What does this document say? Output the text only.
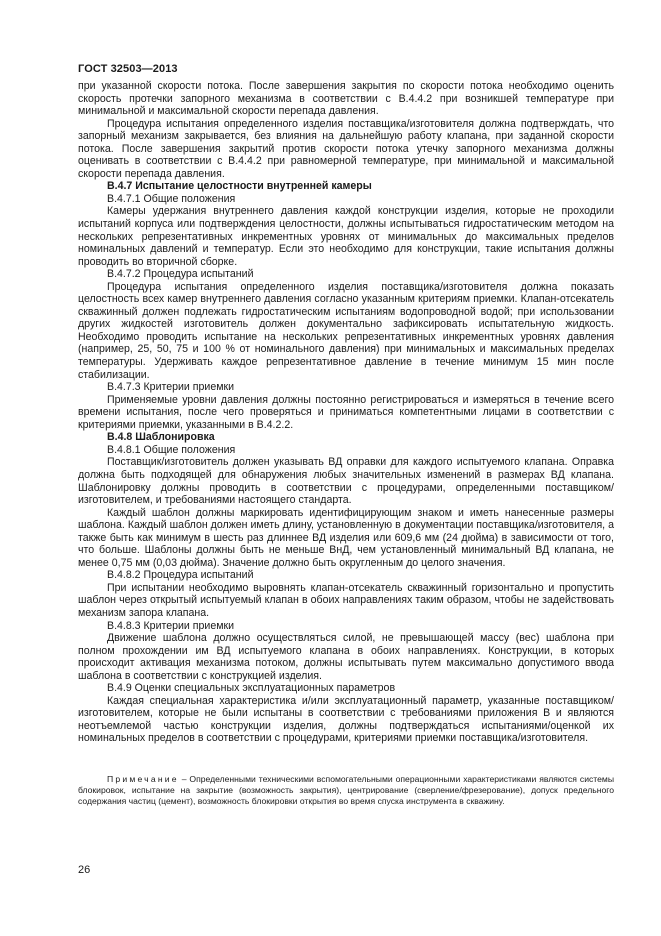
ГОСТ 32503—2013

при указанной скорости потока. После завершения закрытия по скорости потока необходимо оценить скорость протечки запорного механизма в соответствии с В.4.4.2 при возникшей температуре при минимальной и максимальной скорости перепада давления.

Процедура испытания определенного изделия поставщика/изготовителя должна подтверждать, что запорный механизм закрывается, без влияния на дальнейшую работу клапана, при заданной скорости потока. После завершения закрытий против скорости потока утечку запорного механизма должны оценивать в соответствии с В.4.4.2 при равномерной температуре, при минимальной и максимальной скорости перепада давления.

В.4.7 Испытание целостности внутренней камеры

В.4.7.1 Общие положения

Камеры удержания внутреннего давления каждой конструкции изделия, которые не проходили испытаний корпуса или подтверждения целостности, должны испытываться гидростатическим методом на нескольких репрезентативных инкрементных уровнях от минимальных до максимальных пределов номинальных давлений и температур. Если это необходимо для конструкции, такие испытания должны проводить во вторичной сборке.

В.4.7.2 Процедура испытаний

Процедура испытания определенного изделия поставщика/изготовителя должна показать целостность всех камер внутреннего давления согласно указанным критериям приемки. Клапан-отсекатель скважинный должен подлежать гидростатическим испытаниям водопроводной водой; при использовании других жидкостей изготовитель должен документально зафиксировать испытательную жидкость. Необходимо проводить испытание на нескольких репрезентативных инкрементных уровнях давления (например, 25, 50, 75 и 100 % от номинального давления) при минимальных и максимальных пределах температуры. Удерживать каждое репрезентативное давление в течение минимум 15 мин после стабилизации.

В.4.7.3 Критерии приемки

Применяемые уровни давления должны постоянно регистрироваться и измеряться в течение всего времени испытания, после чего проверяться и приниматься компетентными лицами в соответствии с критериями приемки, указанными в В.4.2.2.

В.4.8 Шаблонировка

В.4.8.1 Общие положения

Поставщик/изготовитель должен указывать ВД оправки для каждого испытуемого клапана. Оправка должна быть подходящей для обнаружения любых значительных изменений в размерах ВД клапана. Шаблонировку должны проводить в соответствии с процедурами, определенными поставщиком/изготовителем, и требованиями настоящего стандарта.

Каждый шаблон должны маркировать идентифицирующим знаком и иметь нанесенные размеры шаблона. Каждый шаблон должен иметь длину, установленную в документации поставщика/изготовителя, а также быть как минимум в шесть раз длиннее ВД изделия или 609,6 мм (24 дюйма) в зависимости от того, что больше. Шаблоны должны быть не меньше ВнД, чем установленный минимальный ВД клапана, не менее 0,75 мм (0,03 дюйма). Значение должно быть округленным до целого значения.

В.4.8.2 Процедура испытаний

При испытании необходимо выровнять клапан-отсекатель скважинный горизонтально и пропустить шаблон через открытый испытуемый клапан в обоих направлениях таким образом, чтобы не задействовать механизм запора клапана.

В.4.8.3 Критерии приемки

Движение шаблона должно осуществляться силой, не превышающей массу (вес) шаблона при полном прохождении им ВД испытуемого клапана в обоих направлениях. Конструкции, в которых происходит активация механизма потоком, должны испытывать путем максимально допустимого ввода шаблона в соответствии с конструкцией изделия.

В.4.9 Оценки специальных эксплуатационных параметров

Каждая специальная характеристика и/или эксплуатационный параметр, указанные поставщиком/изготовителем, которые не были испытаны в соответствии с требованиями приложения В и являются неотъемлемой частью конструкции изделия, должны подтверждаться испытаниями/оценкой их номинальных пределов в соответствии с процедурами, критериями приемки поставщика/изготовителя.

Примечание – Определенными техническими вспомогательными операционными характеристиками являются системы блокировок, испытание на закрытие (возможность закрытия), центрирование (сверление/фрезерование), допуск предельного содержания частиц (цемент), возможность блокировки открытия во время спуска инструмента в скважину.

26
